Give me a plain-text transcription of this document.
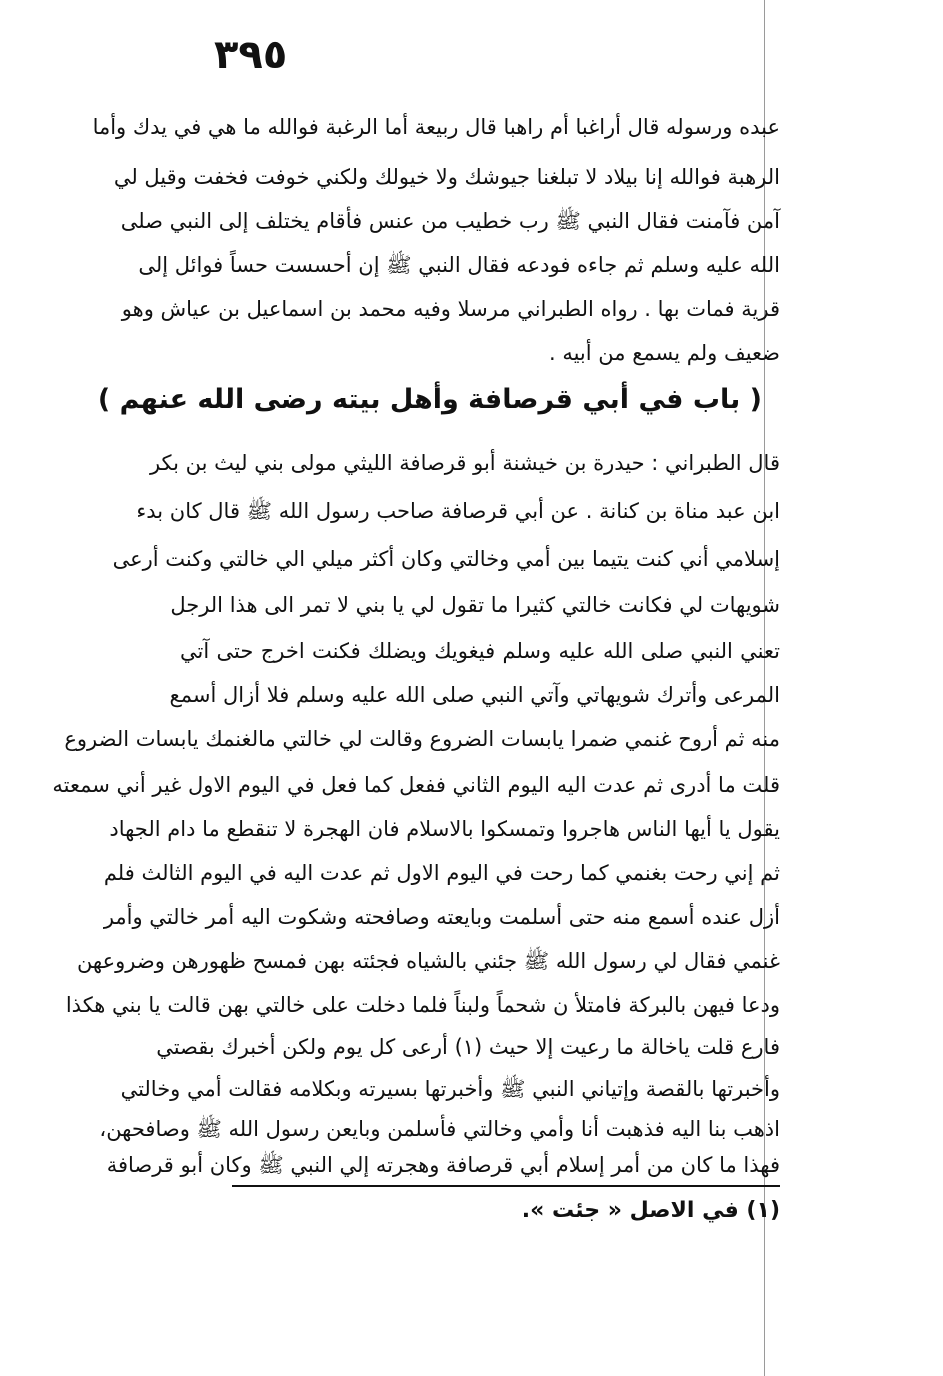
٣٩٥
عبده ورسوله قال أراغبا أم راهبا قال ربيعة أما الرغبة فوالله ما هي في يدك وأما
الرهبة فوالله إنا بيلاد لا تبلغنا جيوشك ولا خيولك ولكني خوفت فخفت وقيل لي
آمن فآمنت فقال النبي ﷺ رب خطيب من عنس فأقام يختلف إلى النبي صلى
الله عليه وسلم ثم جاءه فودعه فقال النبي ﷺ إن أحسست حساً فوائل إلى
قرية فمات بها . رواه الطبراني مرسلا وفيه محمد بن اسماعيل بن عياش وهو
ضعيف ولم يسمع من أبيه .
( باب في أبي قرصافة وأهل بيته رضى الله عنهم )
قال الطبراني : حيدرة بن خيشنة أبو قرصافة الليثي مولى بني ليث بن بكر
ابن عبد مناة بن كنانة . عن أبي قرصافة صاحب رسول الله ﷺ قال كان بدء
إسلامي أني كنت يتيما بين أمي وخالتي وكان أكثر ميلي الي خالتي وكنت أرعى
شويهات لي فكانت خالتي كثيرا ما تقول لي يا بني لا تمر الى هذا الرجل
تعني النبي صلى الله عليه وسلم فيغويك ويضلك فكنت اخرج حتى آتي
المرعى وأترك شويهاتي وآتي النبي صلى الله عليه وسلم فلا أزال أسمع
منه ثم أروح غنمي ضمرا يابسات الضروع وقالت لي خالتي مالغنمك يابسات الضروع
قلت ما أدرى ثم عدت اليه اليوم الثاني ففعل كما فعل في اليوم الاول غير أني سمعته
يقول يا أيها الناس هاجروا وتمسكوا بالاسلام فان الهجرة لا تنقطع ما دام الجهاد
ثم إني رحت بغنمي كما رحت في اليوم الاول ثم عدت اليه في اليوم الثالث فلم
أزل عنده أسمع منه حتى أسلمت وبايعته وصافحته وشكوت اليه أمر خالتي وأمر
غنمي فقال لي رسول الله ﷺ جئني بالشياه فجئته بهن فمسح ظهورهن وضروعهن
ودعا فيهن بالبركة فامتلأ ن شحماً ولبناً فلما دخلت على خالتي بهن قالت يا بني هكذا
فارع قلت ياخالة ما رعيت إلا حيث (١) أرعى كل يوم ولكن أخبرك بقصتي
وأخبرتها بالقصة وإتياني النبي ﷺ وأخبرتها بسيرته وبكلامه فقالت أمي وخالتي
اذهب بنا اليه فذهبت أنا وأمي وخالتي فأسلمن وبايعن رسول الله ﷺ وصافحهن،
فهذا ما كان من أمر إسلام أبي قرصافة وهجرته إلي النبي ﷺ وكان أبو قرصافة
(١) في الاصل « جئت ».
